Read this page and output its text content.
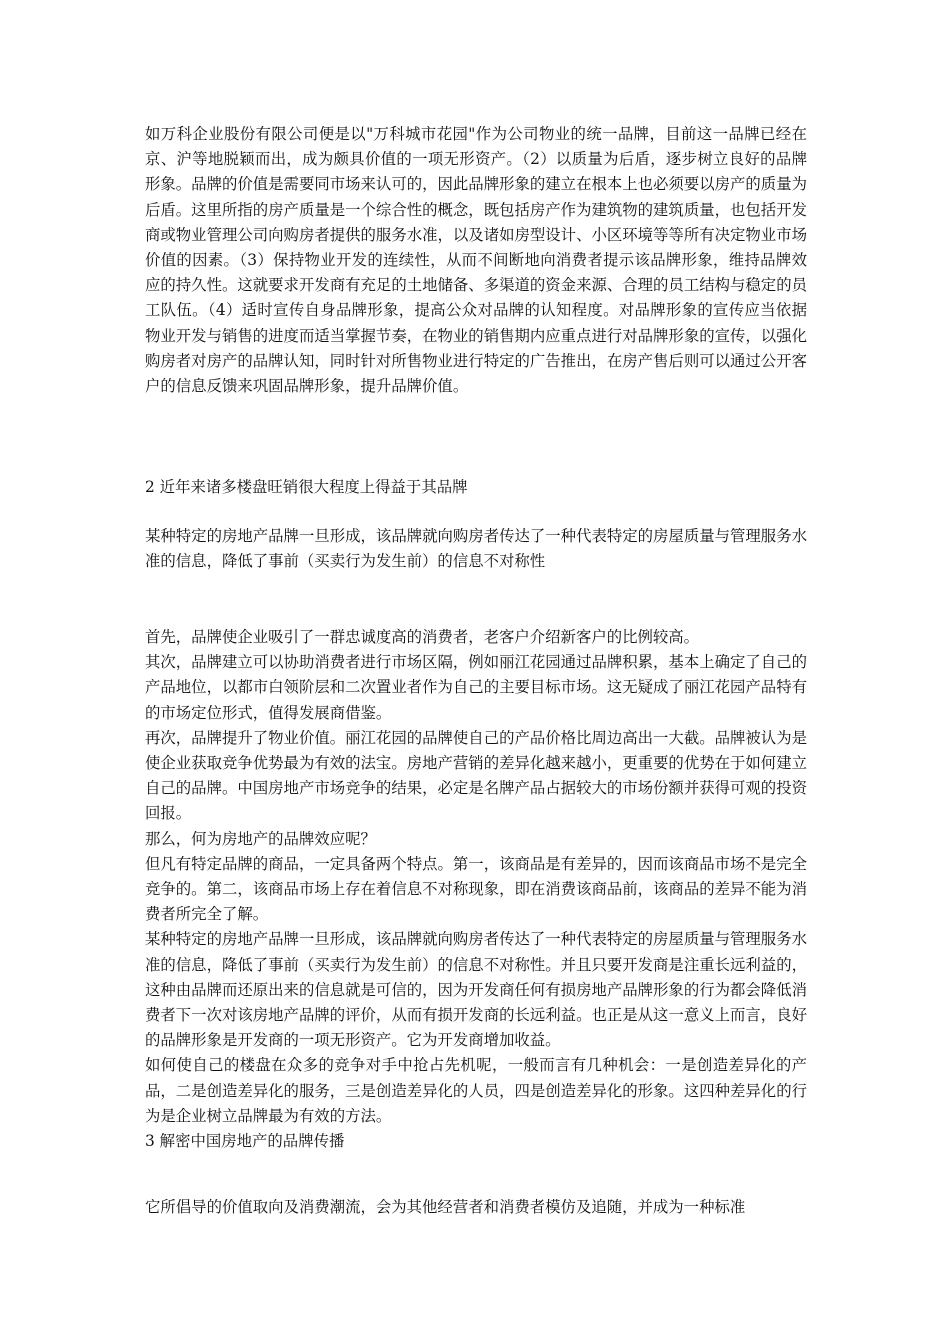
如万科企业股份有限公司便是以"万科城市花园"作为公司物业的统一品牌，目前这一品牌已经在京、沪等地脱颖而出，成为颇具价值的一项无形资产。（2）以质量为后盾，逐步树立良好的品牌形象。品牌的价值是需要同市场来认可的，因此品牌形象的建立在根本上也必须要以房产的质量为后盾。这里所指的房产质量是一个综合性的概念，既包括房产作为建筑物的建筑质量，也包括开发商或物业管理公司向购房者提供的服务水准，以及诸如房型设计、小区环境等等所有决定物业市场价值的因素。（3）保持物业开发的连续性，从而不间断地向消费者提示该品牌形象，维持品牌效应的持久性。这就要求开发商有充足的土地储备、多渠道的资金来源、合理的员工结构与稳定的员工队伍。（4）适时宣传自身品牌形象，提高公众对品牌的认知程度。对品牌形象的宣传应当依据物业开发与销售的进度而适当掌握节奏，在物业的销售期内应重点进行对品牌形象的宣传，以强化购房者对房产的品牌认知，同时针对所售物业进行特定的广告推出，在房产售后则可以通过公开客户的信息反馈来巩固品牌形象，提升品牌价值。

2 近年来诸多楼盘旺销很大程度上得益于其品牌

某种特定的房地产品牌一旦形成，该品牌就向购房者传达了一种代表特定的房屋质量与管理服务水准的信息，降低了事前（买卖行为发生前）的信息不对称性

首先，品牌使企业吸引了一群忠诚度高的消费者，老客户介绍新客户的比例较高。

其次，品牌建立可以协助消费者进行市场区隔，例如丽江花园通过品牌积累，基本上确定了自己的产品地位，以都市白领阶层和二次置业者作为自己的主要目标市场。这无疑成了丽江花园产品特有的市场定位形式，值得发展商借鉴。

再次，品牌提升了物业价值。丽江花园的品牌使自己的产品价格比周边高出一大截。品牌被认为是使企业获取竞争优势最为有效的法宝。房地产营销的差异化越来越小，更重要的优势在于如何建立自己的品牌。中国房地产市场竞争的结果，必定是名牌产品占据较大的市场份额并获得可观的投资回报。

那么，何为房地产的品牌效应呢？

但凡有特定品牌的商品，一定具备两个特点。第一，该商品是有差异的，因而该商品市场不是完全竞争的。第二，该商品市场上存在着信息不对称现象，即在消费该商品前，该商品的差异不能为消费者所完全了解。

某种特定的房地产品牌一旦形成，该品牌就向购房者传达了一种代表特定的房屋质量与管理服务水准的信息，降低了事前（买卖行为发生前）的信息不对称性。并且只要开发商是注重长远利益的，这种由品牌而还原出来的信息就是可信的，因为开发商任何有损房地产品牌形象的行为都会降低消费者下一次对该房地产品牌的评价，从而有损开发商的长远利益。也正是从这一意义上而言，良好的品牌形象是开发商的一项无形资产。它为开发商增加收益。

如何使自己的楼盘在众多的竞争对手中抢占先机呢，一般而言有几种机会：一是创造差异化的产品，二是创造差异化的服务，三是创造差异化的人员，四是创造差异化的形象。这四种差异化的行为是企业树立品牌最为有效的方法。

3 解密中国房地产的品牌传播

它所倡导的价值取向及消费潮流，会为其他经营者和消费者模仿及追随，并成为一种标准
